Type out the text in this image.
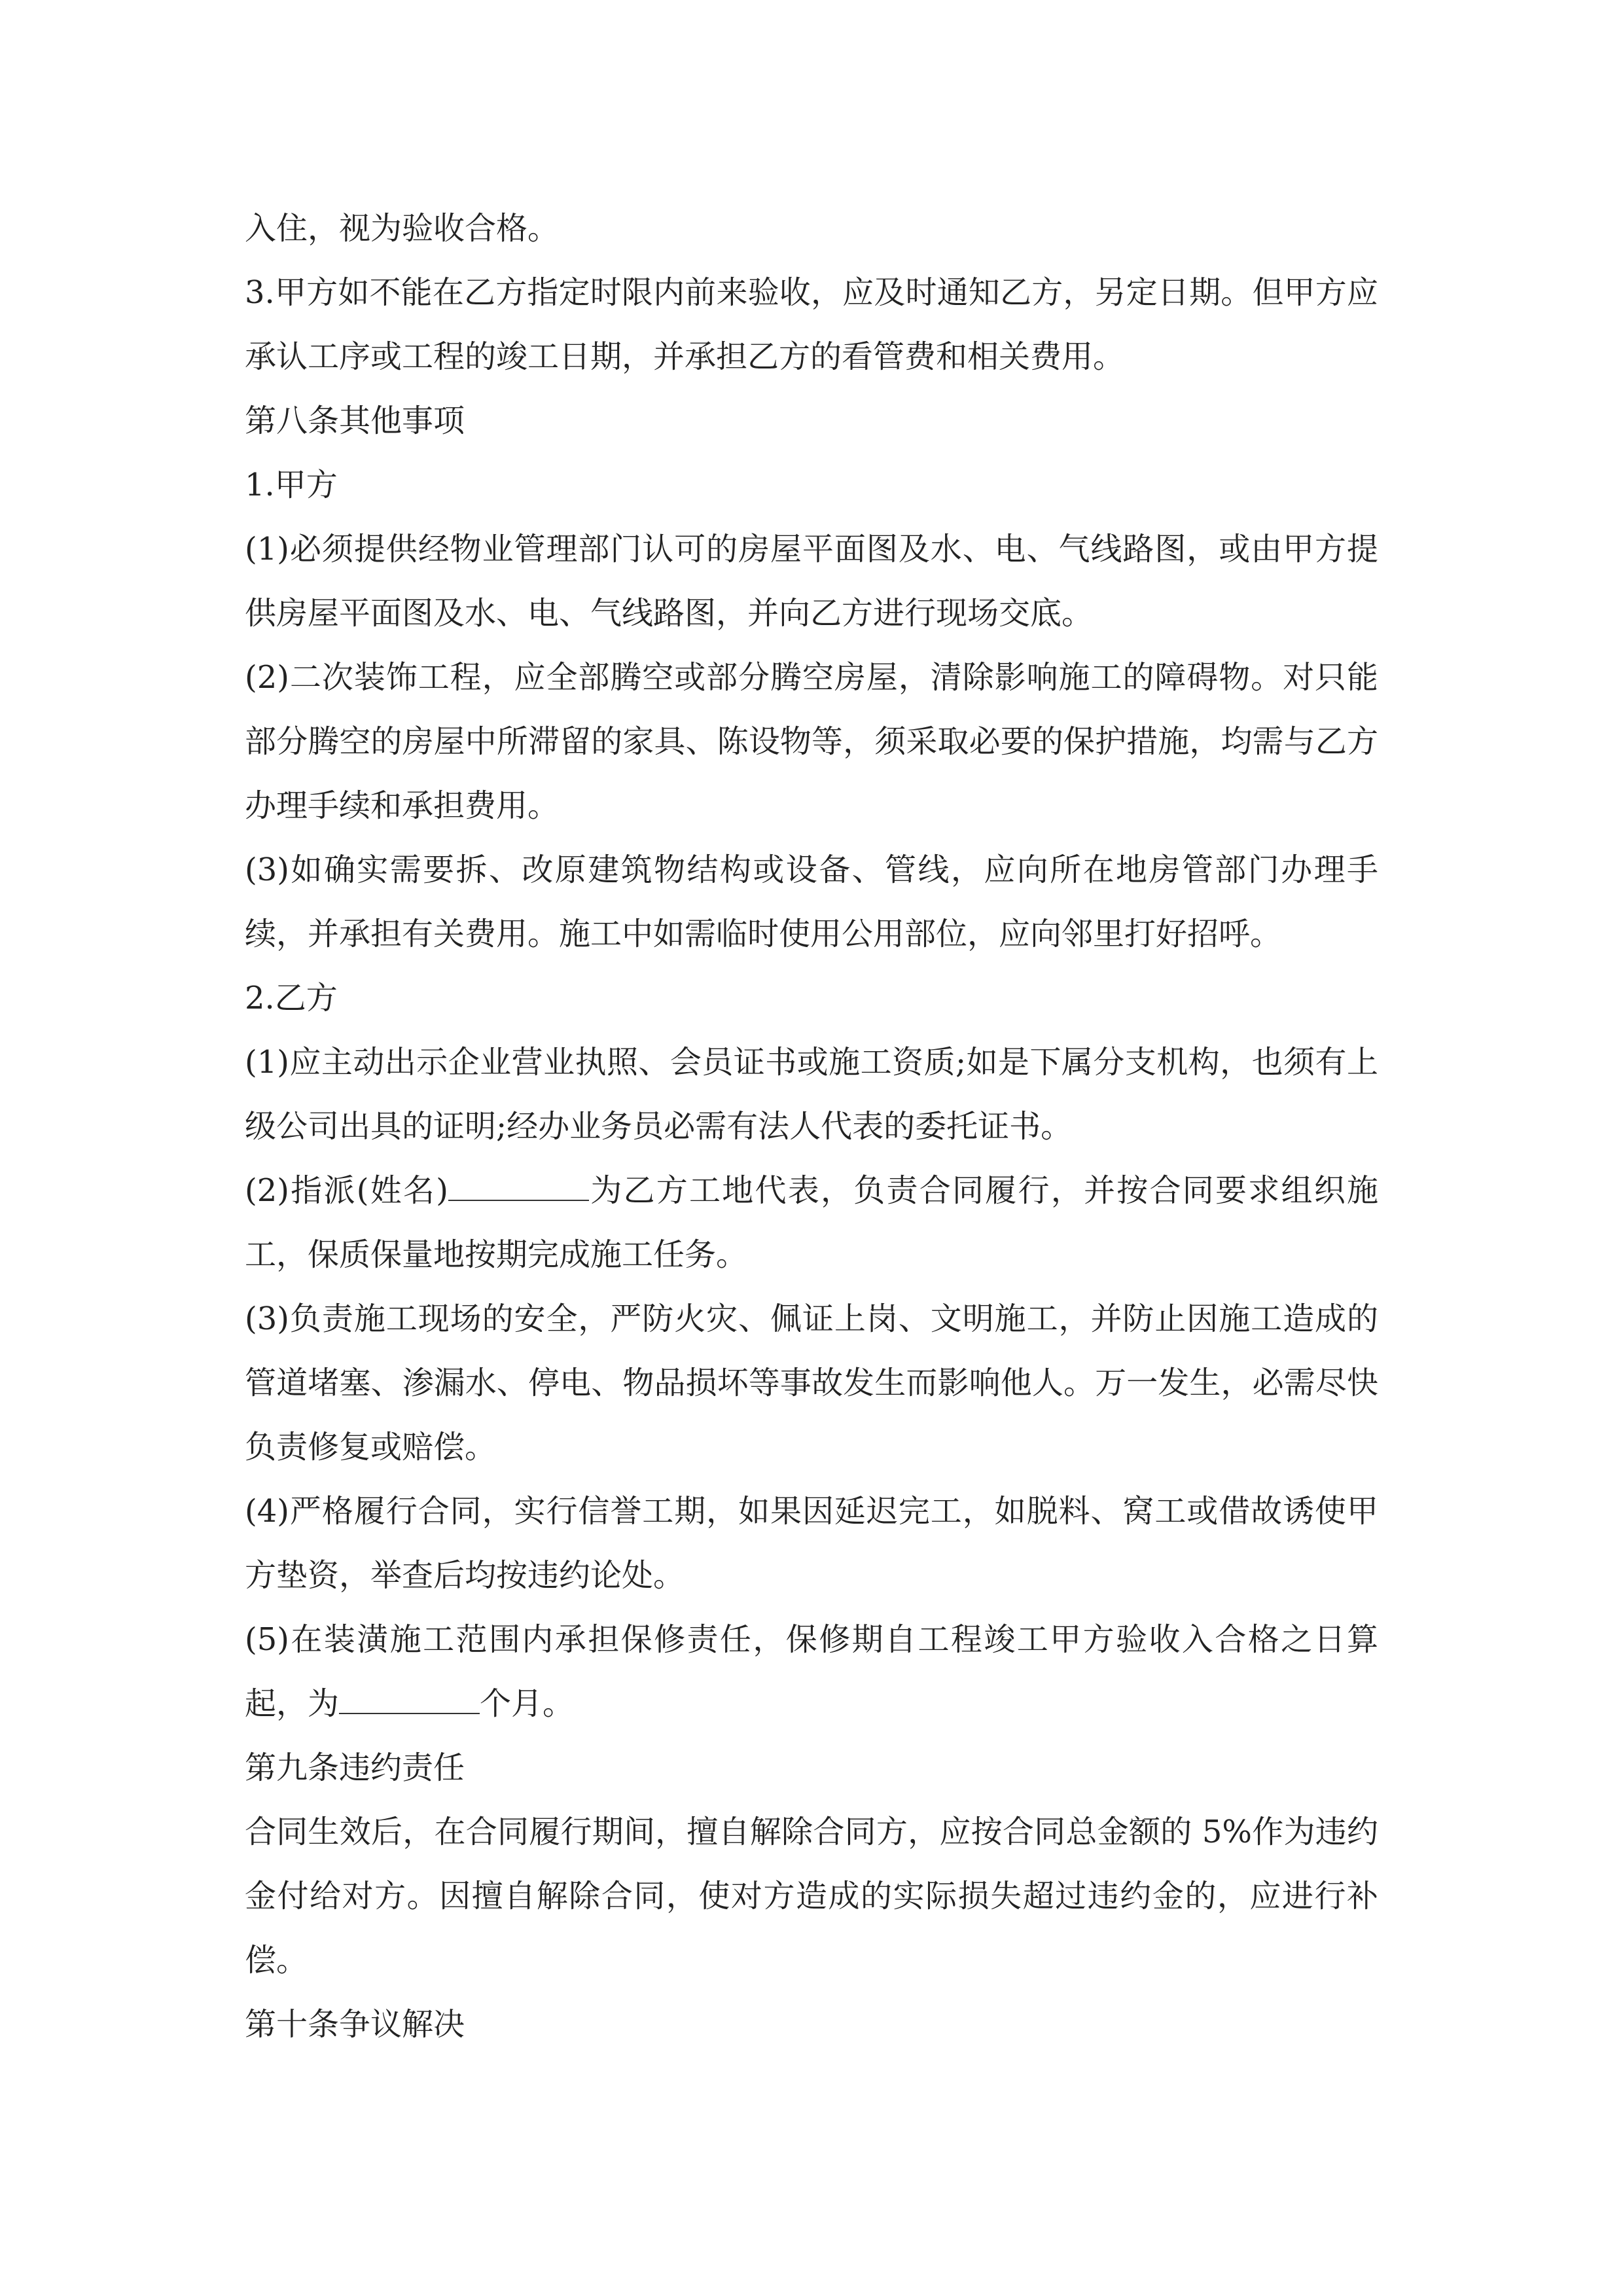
入住，视为验收合格。

3.甲方如不能在乙方指定时限内前来验收，应及时通知乙方，另定日期。但甲方应承认工序或工程的竣工日期，并承担乙方的看管费和相关费用。

第八条其他事项

1.甲方

(1)必须提供经物业管理部门认可的房屋平面图及水、电、气线路图，或由甲方提供房屋平面图及水、电、气线路图，并向乙方进行现场交底。

(2)二次装饰工程，应全部腾空或部分腾空房屋，清除影响施工的障碍物。对只能部分腾空的房屋中所滞留的家具、陈设物等，须采取必要的保护措施，均需与乙方办理手续和承担费用。

(3)如确实需要拆、改原建筑物结构或设备、管线，应向所在地房管部门办理手续，并承担有关费用。施工中如需临时使用公用部位，应向邻里打好招呼。

2.乙方

(1)应主动出示企业营业执照、会员证书或施工资质;如是下属分支机构，也须有上级公司出具的证明;经办业务员必需有法人代表的委托证书。

(2)指派(姓名)	为乙方工地代表，负责合同履行，并按合同要求组织施工，保质保量地按期完成施工任务。

(3)负责施工现场的安全，严防火灾、佩证上岗、文明施工，并防止因施工造成的管道堵塞、渗漏水、停电、物品损坏等事故发生而影响他人。万一发生，必需尽快负责修复或赔偿。

(4)严格履行合同，实行信誉工期，如果因延迟完工，如脱料、窝工或借故诱使甲方垫资，举查后均按违约论处。

(5)在装潢施工范围内承担保修责任，保修期自工程竣工甲方验收入合格之日算起，为	个月。

第九条违约责任

合同生效后，在合同履行期间，擅自解除合同方，应按合同总金额的 5%作为违约金付给对方。因擅自解除合同，使对方造成的实际损失超过违约金的，应进行补偿。

第十条争议解决
